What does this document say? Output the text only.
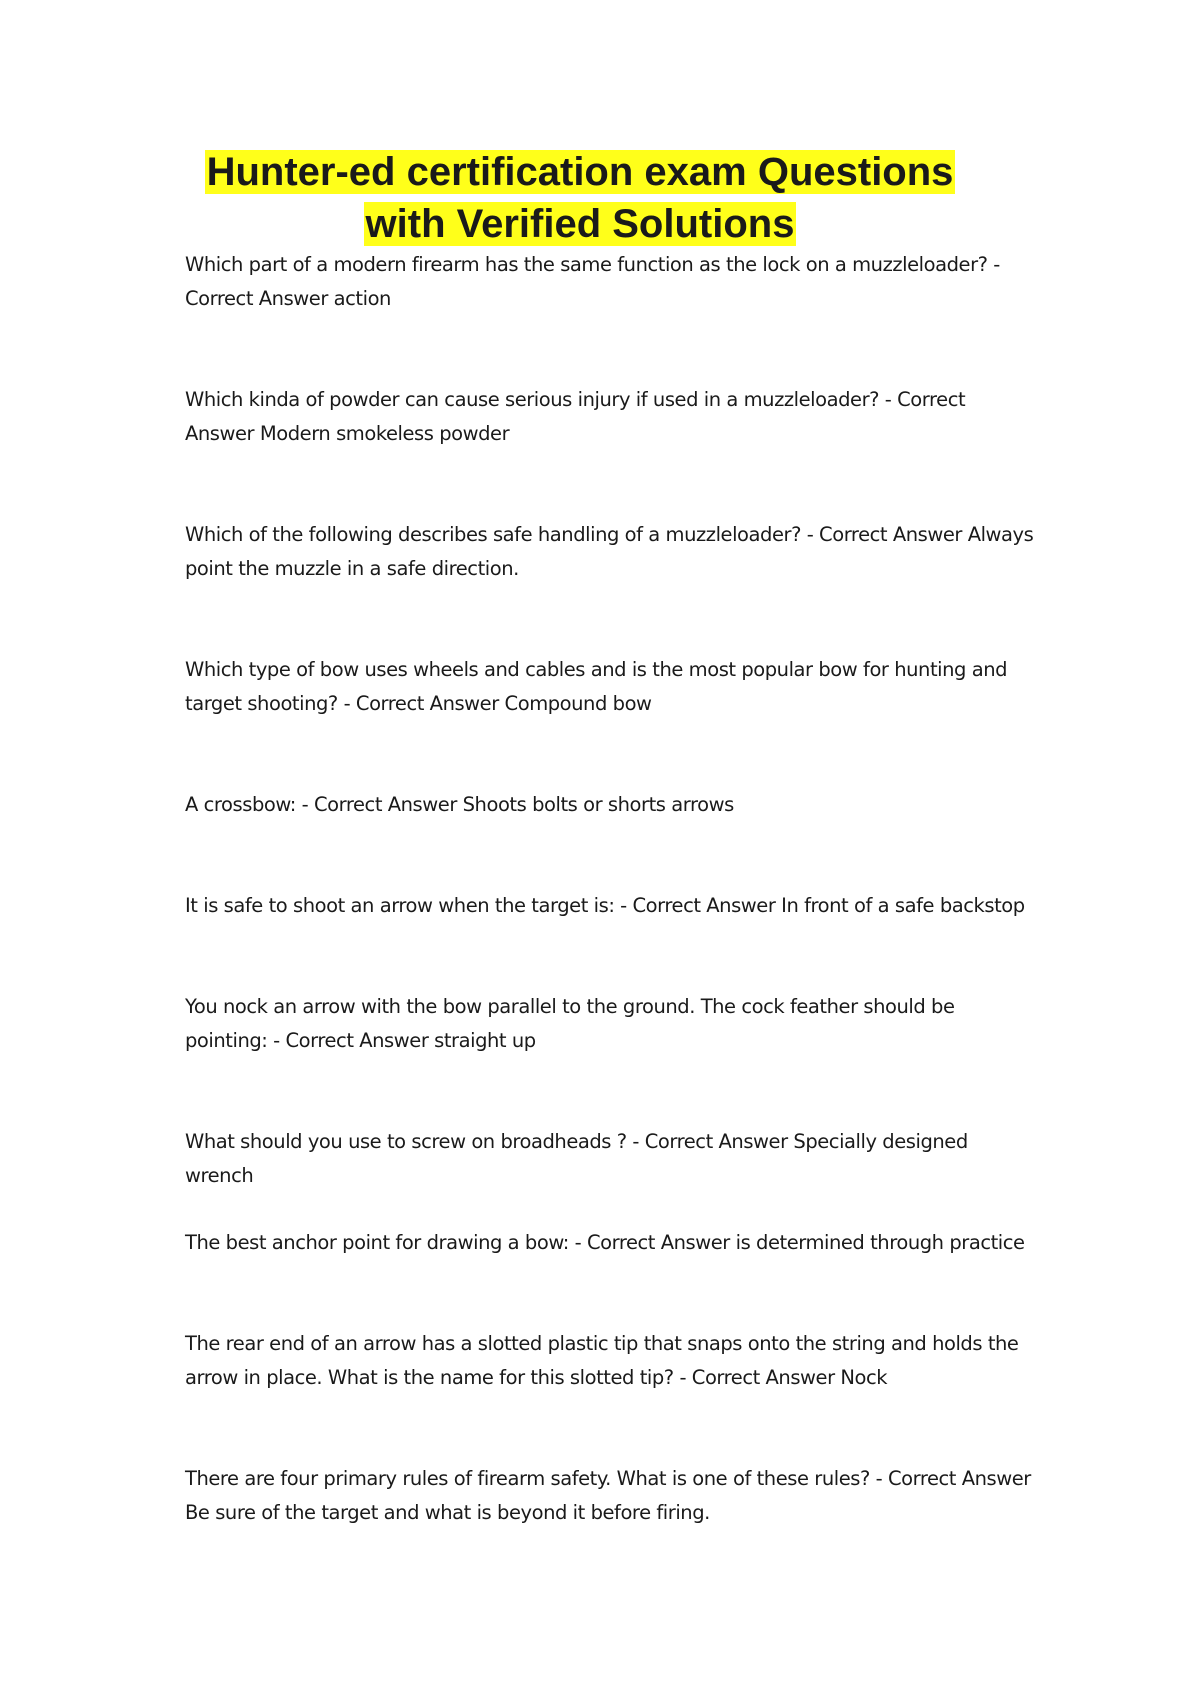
Hunter-ed certification exam Questions
with Verified Solutions

Which part of a modern firearm has the same function as the lock on a muzzleloader? - Correct Answer action

Which kinda of powder can cause serious injury if used in a muzzleloader? - Correct Answer Modern smokeless powder

Which of the following describes safe handling of a muzzleloader? - Correct Answer Always point the muzzle in a safe direction.

Which type of bow uses wheels and cables and is the most popular bow for hunting and target shooting? - Correct Answer Compound bow

A crossbow: - Correct Answer Shoots bolts or shorts arrows

It is safe to shoot an arrow when the target is: - Correct Answer In front of a safe backstop

You nock an arrow with the bow parallel to the ground. The cock feather should be pointing: - Correct Answer straight up

What should you use to screw on broadheads ? - Correct Answer Specially designed wrench

The best anchor point for drawing a bow: - Correct Answer is determined through practice

The rear end of an arrow has a slotted plastic tip that snaps onto the string and holds the arrow in place. What is the name for this slotted tip? - Correct Answer Nock

There are four primary rules of firearm safety. What is one of these rules? - Correct Answer Be sure of the target and what is beyond it before firing.
